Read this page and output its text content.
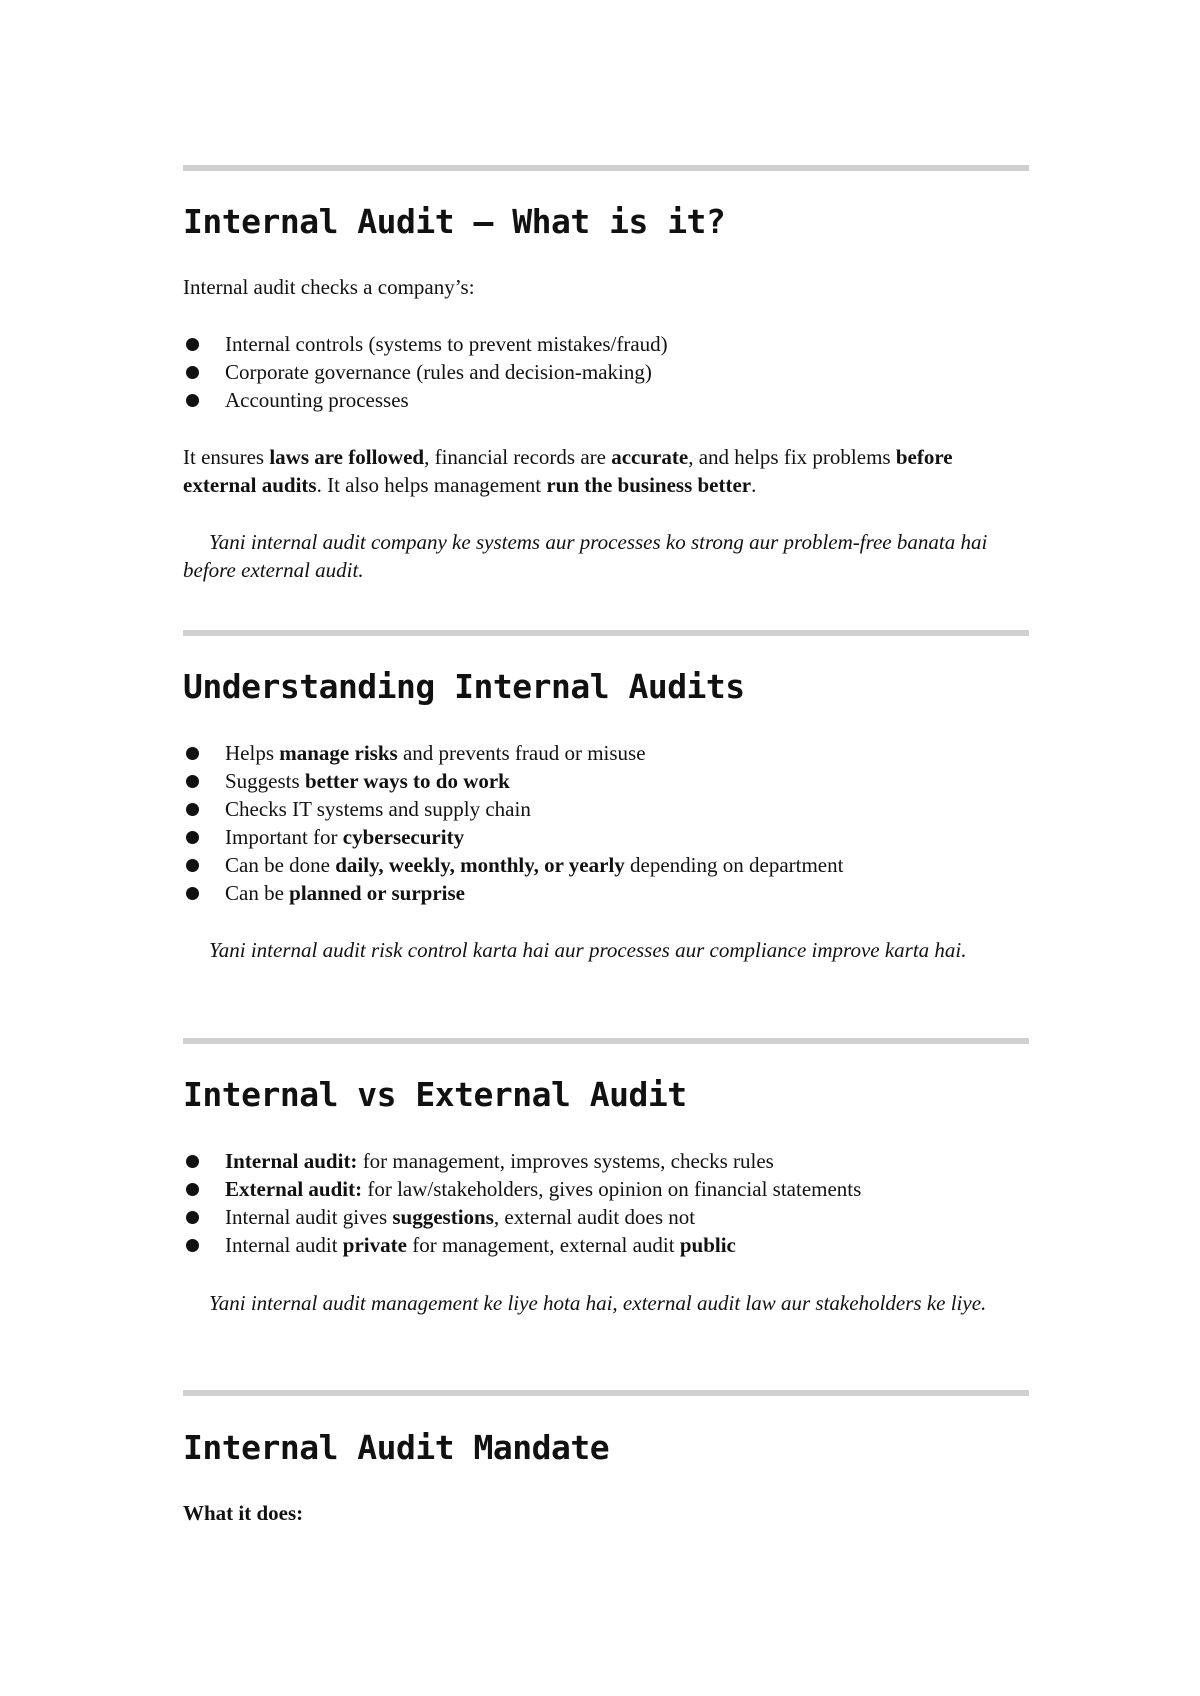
Internal Audit – What is it?

Internal audit checks a company’s:

Internal controls (systems to prevent mistakes/fraud)
Corporate governance (rules and decision-making)
Accounting processes

It ensures laws are followed, financial records are accurate, and helps fix problems before external audits. It also helps management run the business better.

Yani internal audit company ke systems aur processes ko strong aur problem-free banata hai before external audit.

Understanding Internal Audits
Helps manage risks and prevents fraud or misuse
Suggests better ways to do work
Checks IT systems and supply chain
Important for cybersecurity
Can be done daily, weekly, monthly, or yearly depending on department
Can be planned or surprise

Yani internal audit risk control karta hai aur processes aur compliance improve karta hai.

Internal vs External Audit
Internal audit: for management, improves systems, checks rules
External audit: for law/stakeholders, gives opinion on financial statements
Internal audit gives suggestions, external audit does not
Internal audit private for management, external audit public

Yani internal audit management ke liye hota hai, external audit law aur stakeholders ke liye.

Internal Audit Mandate

What it does:
